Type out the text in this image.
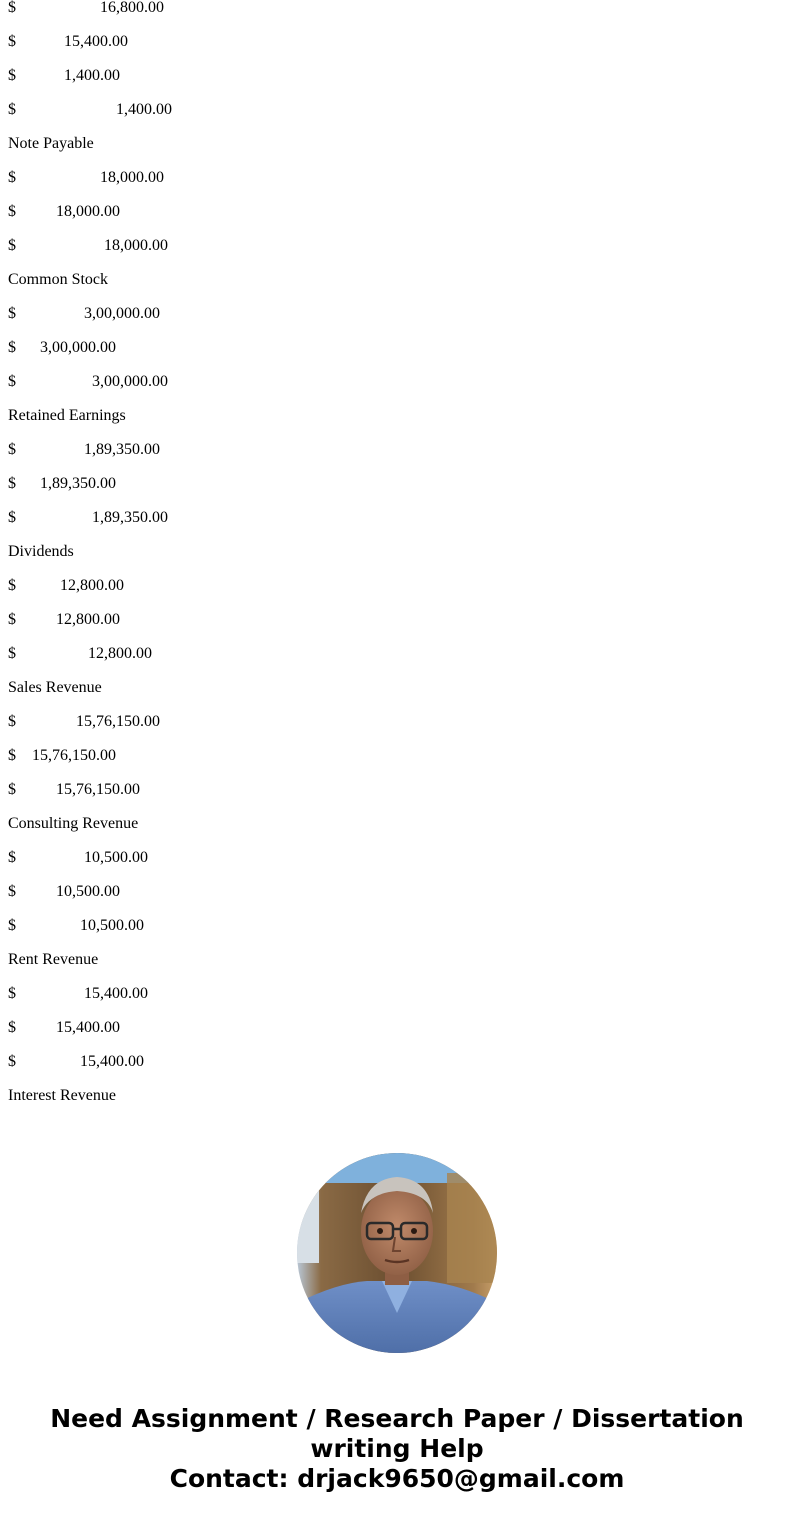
$	16,800.00
$	15,400.00
$	1,400.00
$	1,400.00
Note Payable
$	18,000.00
$	18,000.00
$	18,000.00
Common Stock
$	3,00,000.00
$ 3,00,000.00
$	3,00,000.00
Retained Earnings
$	1,89,350.00
$ 1,89,350.00
$	1,89,350.00
Dividends
$	12,800.00
$	12,800.00
$	12,800.00
Sales Revenue
$	15,76,150.00
$ 15,76,150.00
$	15,76,150.00
Consulting Revenue
$	10,500.00
$	10,500.00
$	10,500.00
Rent Revenue
$	15,400.00
$	15,400.00
$	15,400.00
Interest Revenue
Need Assignment / Research Paper / Dissertation
writing Help
Contact: drjack9650@gmail.com
